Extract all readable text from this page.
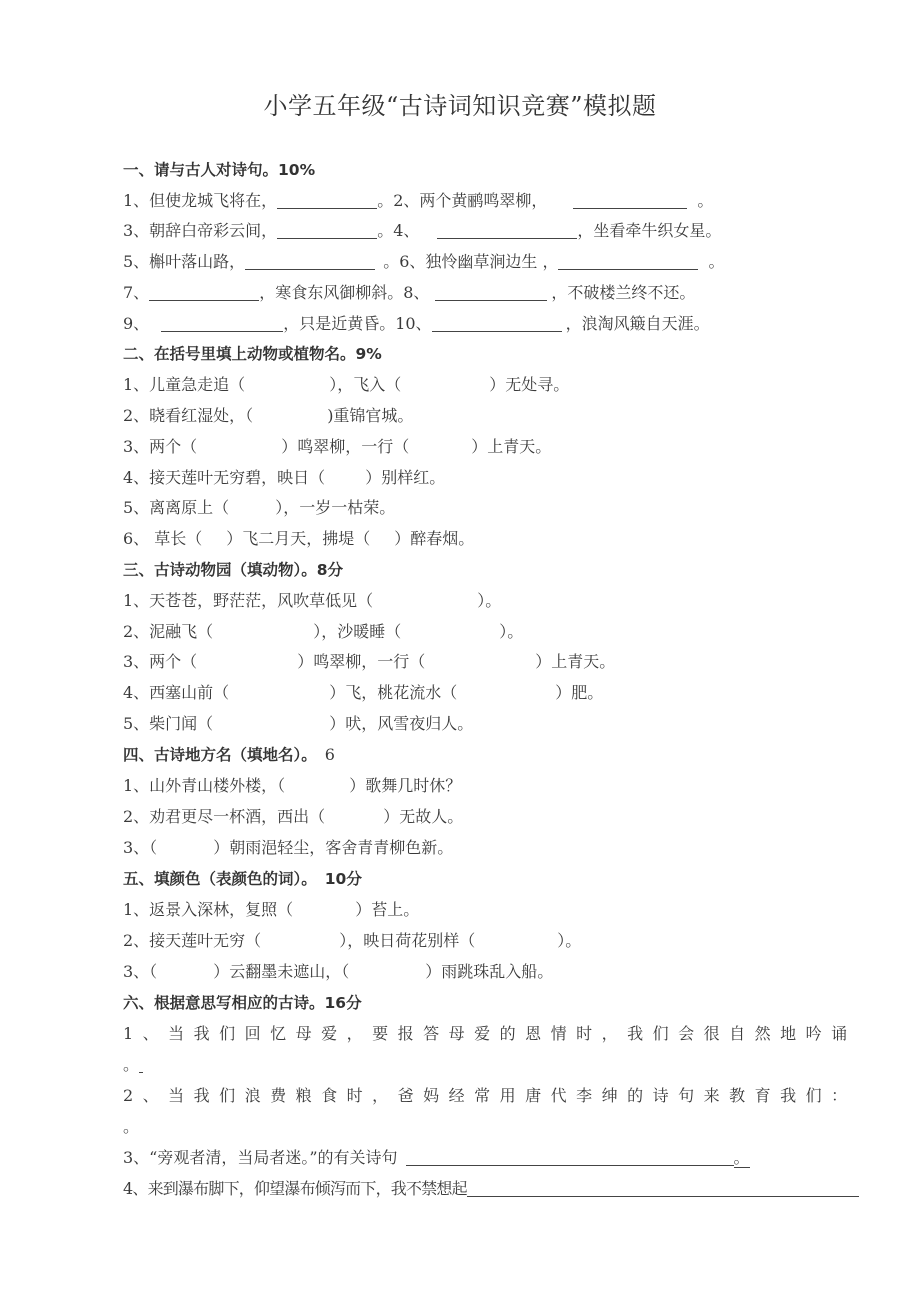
小学五年级“古诗词知识竞赛”模拟题
一、请与古人对诗句。10%
1、但使龙城飞将在，	。2、两个黄鹂鸣翠柳，	。
3、朝辞白帝彩云间，	。4、	，坐看牵牛织女星。
5、槲叶落山路，	。6、独怜幽草涧边生 ，	。
7、	，寒食东风御柳斜。8、	，不破楼兰终不还。
9、	，只是近黄昏。10、	，浪淘风簸自天涯。
二、在括号里填上动物或植物名。9%
1、儿童急走追（	），飞入（	）无处寻。
2、晓看红湿处，（	)重锦官城。
3、两个（	）鸣翠柳，一行（	）上青天。
4、接天莲叶无穷碧，映日（	）别样红。
5、离离原上（	），一岁一枯荣。
6、 草长（ ）飞二月天，拂堤（ ）醉春烟。
三、古诗动物园（填动物）。8分
1、天苍苍，野茫茫，风吹草低见（	）。
2、泥融飞（	），沙暖睡（	）。
3、两个（	）鸣翠柳，一行（	）上青天。
4、西塞山前（	）飞，桃花流水（	）肥。
5、柴门闻（	）吠，风雪夜归人。
四、古诗地方名（填地名）。 6
1、山外青山楼外楼，（	）歌舞几时休？
2、劝君更尽一杯酒，西出（	）无故人。
3、（	）朝雨浥轻尘，客舍青青柳色新。
五、填颜色（表颜色的词）。 10分
1、返景入深林，复照（	）苔上。
2、接天莲叶无穷（	），映日荷花别样（	）。
3、（	）云翻墨未遮山，（	）雨跳珠乱入船。
六、根据意思写相应的古诗。16分
1、当我们回忆母爱，要报答母爱的恩情时，我们会很自然地吟诵
。
2、当我们浪费粮食时，爸妈经常用唐代李绅的诗句来教育我们：
。
3、“旁观者清，当局者迷。”的有关诗句	。
4、来到瀑布脚下，仰望瀑布倾泻而下，我不禁想起
